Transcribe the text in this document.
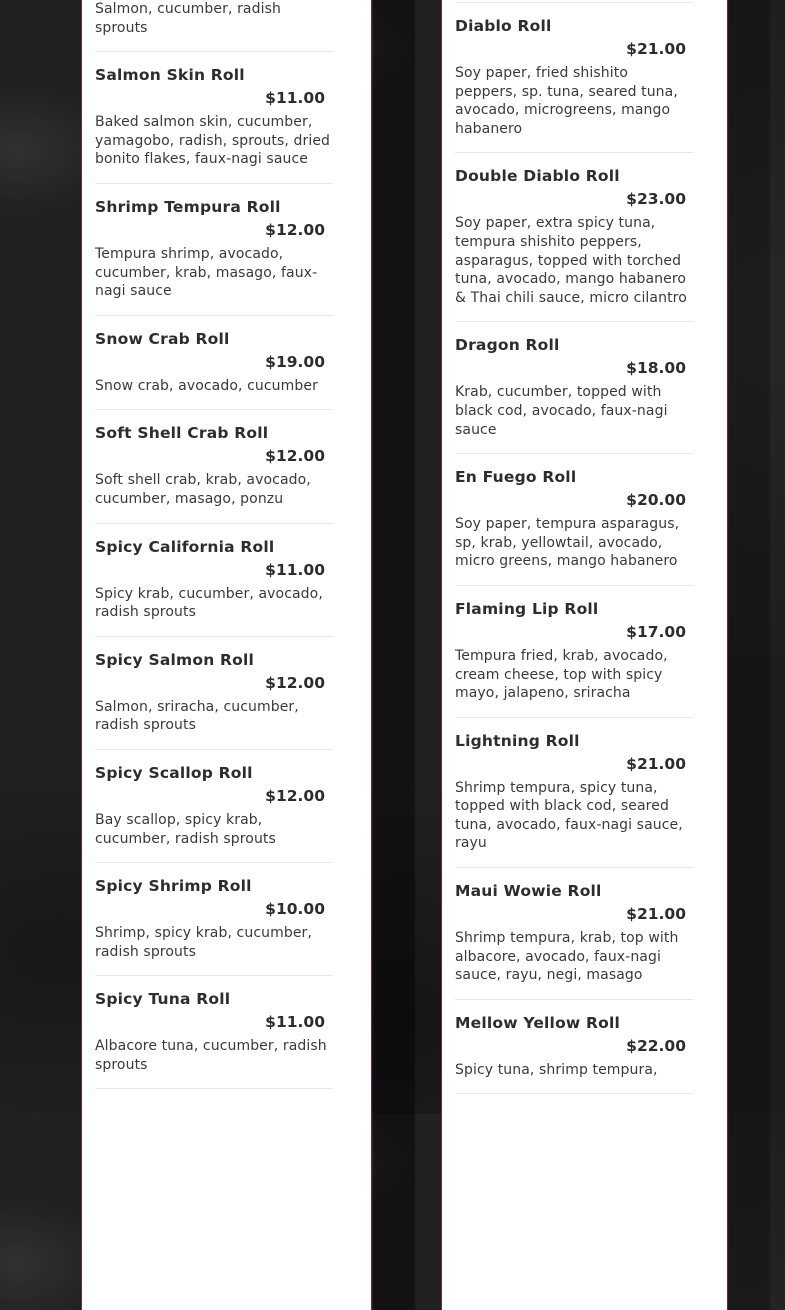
Salmon, cucumber, radish sprouts
Salmon Skin Roll
$11.00
Baked salmon skin, cucumber, yamagobo, radish, sprouts, dried bonito flakes, faux-nagi sauce
Shrimp Tempura Roll
$12.00
Tempura shrimp, avocado, cucumber, krab, masago, faux-nagi sauce
Snow Crab Roll
$19.00
Snow crab, avocado, cucumber
Soft Shell Crab Roll
$12.00
Soft shell crab, krab, avocado, cucumber, masago, ponzu
Spicy California Roll
$11.00
Spicy krab, cucumber, avocado, radish sprouts
Spicy Salmon Roll
$12.00
Salmon, sriracha, cucumber, radish sprouts
Spicy Scallop Roll
$12.00
Bay scallop, spicy krab, cucumber, radish sprouts
Spicy Shrimp Roll
$10.00
Shrimp, spicy krab, cucumber, radish sprouts
Spicy Tuna Roll
$11.00
Albacore tuna, cucumber, radish sprouts
Diablo Roll
$21.00
Soy paper, fried shishito peppers, sp. tuna, seared tuna, avocado, microgreens, mango habanero
Double Diablo Roll
$23.00
Soy paper, extra spicy tuna, tempura shishito peppers, asparagus, topped with torched tuna, avocado, mango habanero & Thai chili sauce, micro cilantro
Dragon Roll
$18.00
Krab, cucumber, topped with black cod, avocado, faux-nagi sauce
En Fuego Roll
$20.00
Soy paper, tempura asparagus, sp, krab, yellowtail, avocado, micro greens, mango habanero
Flaming Lip Roll
$17.00
Tempura fried, krab, avocado, cream cheese, top with spicy mayo, jalapeno, sriracha
Lightning Roll
$21.00
Shrimp tempura, spicy tuna, topped with black cod, seared tuna, avocado, faux-nagi sauce, rayu
Maui Wowie Roll
$21.00
Shrimp tempura, krab, top with albacore, avocado, faux-nagi sauce, rayu, negi, masago
Mellow Yellow Roll
$22.00
Spicy tuna, shrimp tempura,
